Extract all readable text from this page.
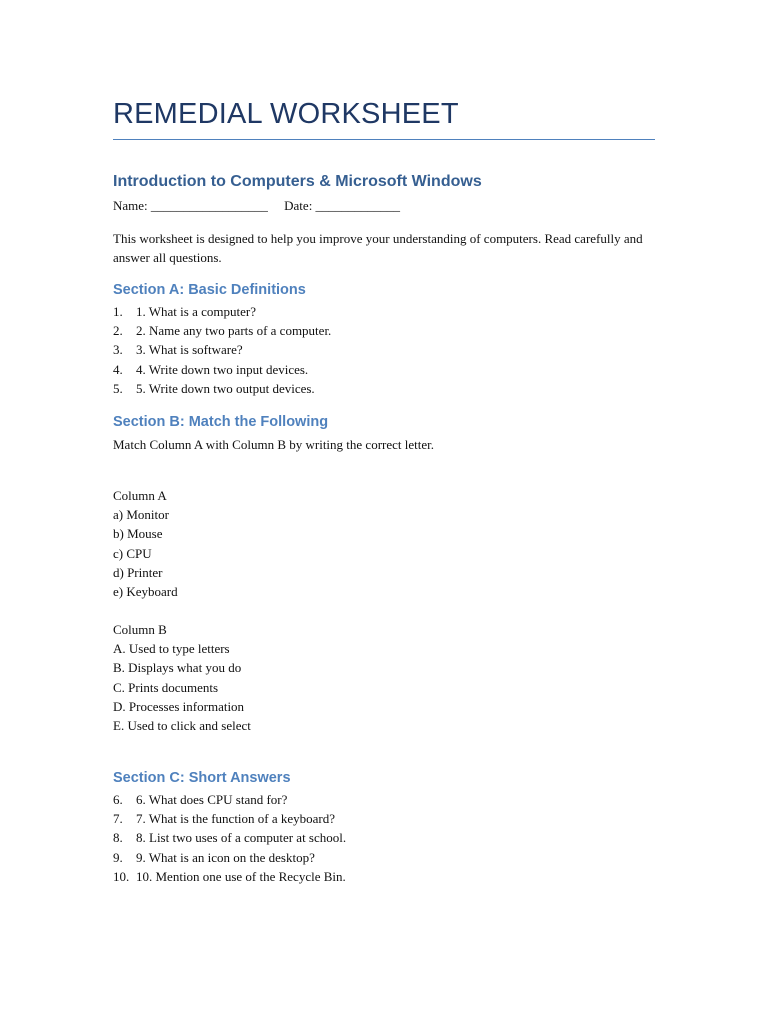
REMEDIAL WORKSHEET
Introduction to Computers & Microsoft Windows
Name: __________________     Date: _____________
This worksheet is designed to help you improve your understanding of computers. Read carefully and answer all questions.
Section A: Basic Definitions
1. 1. What is a computer?
2. 2. Name any two parts of a computer.
3. 3. What is software?
4. 4. Write down two input devices.
5. 5. Write down two output devices.
Section B: Match the Following
Match Column A with Column B by writing the correct letter.
Column A
a) Monitor
b) Mouse
c) CPU
d) Printer
e) Keyboard
Column B
A. Used to type letters
B. Displays what you do
C. Prints documents
D. Processes information
E. Used to click and select
Section C: Short Answers
6. 6. What does CPU stand for?
7. 7. What is the function of a keyboard?
8. 8. List two uses of a computer at school.
9. 9. What is an icon on the desktop?
10. 10. Mention one use of the Recycle Bin.
